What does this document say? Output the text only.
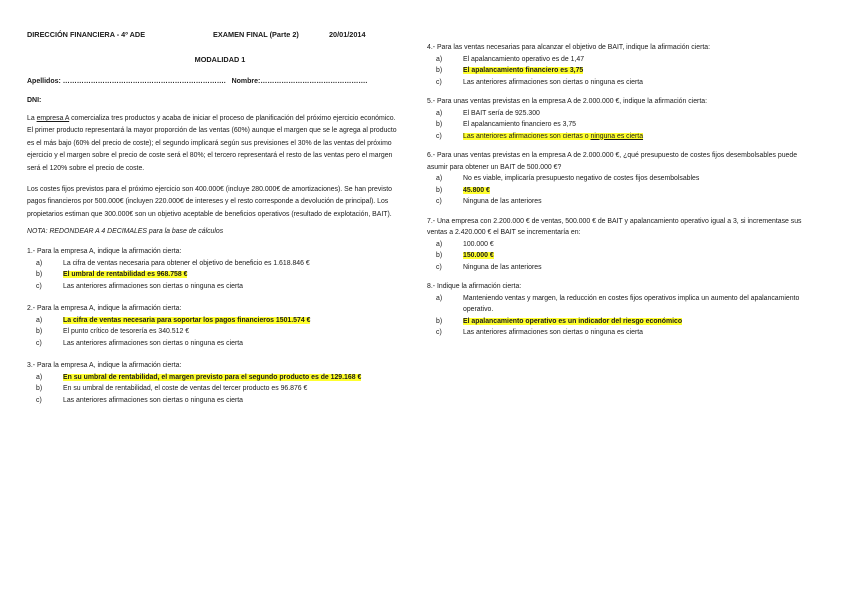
DIRECCIÓN FINANCIERA - 4º ADE	EXAMEN FINAL (Parte 2)	20/01/2014
MODALIDAD 1
Apellidos: ……………………………………………………………. Nombre:……………………………………….
DNI:
La empresa A comercializa tres productos y acaba de iniciar el proceso de planificación del próximo ejercicio económico. El primer producto representará la mayor proporción de las ventas (60%) aunque el margen que se le agrega al producto es el más bajo (60% del precio de coste); el segundo implicará según sus previsiones el 30% de las ventas del próximo ejercicio y el margen sobre el precio de coste será el 80%; el tercero representará el resto de las ventas pero el margen será el 120% sobre el precio de coste.
Los costes fijos previstos para el próximo ejercicio son 400.000€ (incluye 280.000€ de amortizaciones). Se han previsto pagos financieros por 500.000€ (incluyen 220.000€ de intereses y el resto corresponde a devolución de principal). Los propietarios estiman que 300.000€ son un objetivo aceptable de beneficios operativos (resultado de explotación, BAIT).
NOTA: REDONDEAR A 4 DECIMALES para la base de cálculos
1.- Para la empresa A, indique la afirmación cierta:
a)	La cifra de ventas necesaria para obtener el objetivo de beneficio es 1.618.846 €
b)	El umbral de rentabilidad es 968.758 €
c)	Las anteriores afirmaciones son ciertas o ninguna es cierta
2.- Para la empresa A, indique la afirmación cierta:
a)	La cifra de ventas necesaria para soportar los pagos financieros 1501.574 €
b)	El punto crítico de tesorería es 340.512 €
c)	Las anteriores afirmaciones son ciertas o ninguna es cierta
3.- Para la empresa A, indique la afirmación cierta:
a)	En su umbral de rentabilidad, el margen previsto para el segundo producto es de 129.168 €
b)	En su umbral de rentabilidad, el coste de ventas del tercer producto es 96.876 €
c)	Las anteriores afirmaciones son ciertas o ninguna es cierta
4.- Para las ventas necesarias para alcanzar el objetivo de BAIT, indique la afirmación cierta:
a)	El apalancamiento operativo es de 1,47
b)	El apalancamiento financiero es 3,75
c)	Las anteriores afirmaciones son ciertas o ninguna es cierta
5.- Para unas ventas previstas en la empresa A de 2.000.000 €, indique la afirmación cierta:
a)	El BAIT sería de 925.300
b)	El apalancamiento financiero es 3,75
c)	Las anteriores afirmaciones son ciertas o ninguna es cierta
6.- Para unas ventas previstas en la empresa A de 2.000.000 €, ¿qué presupuesto de costes fijos desembolsables puede asumir para obtener un BAIT de 500.000 €?
a)	No es viable, implicaría presupuesto negativo de costes fijos desembolsables
b)	45.800 €
c)	Ninguna de las anteriores
7.- Una empresa con 2.200.000 € de ventas, 500.000 € de BAIT y apalancamiento operativo igual a 3, si incrementase sus ventas a 2.420.000 € el BAIT se incrementaría en:
a)	100.000 €
b)	150.000 €
c)	Ninguna de las anteriores
8.- Indique la afirmación cierta:
a)	Manteniendo ventas y margen, la reducción en costes fijos operativos implica un aumento del apalancamiento operativo.
b)	El apalancamiento operativo es un indicador del riesgo económico
c)	Las anteriores afirmaciones son ciertas o ninguna es cierta
